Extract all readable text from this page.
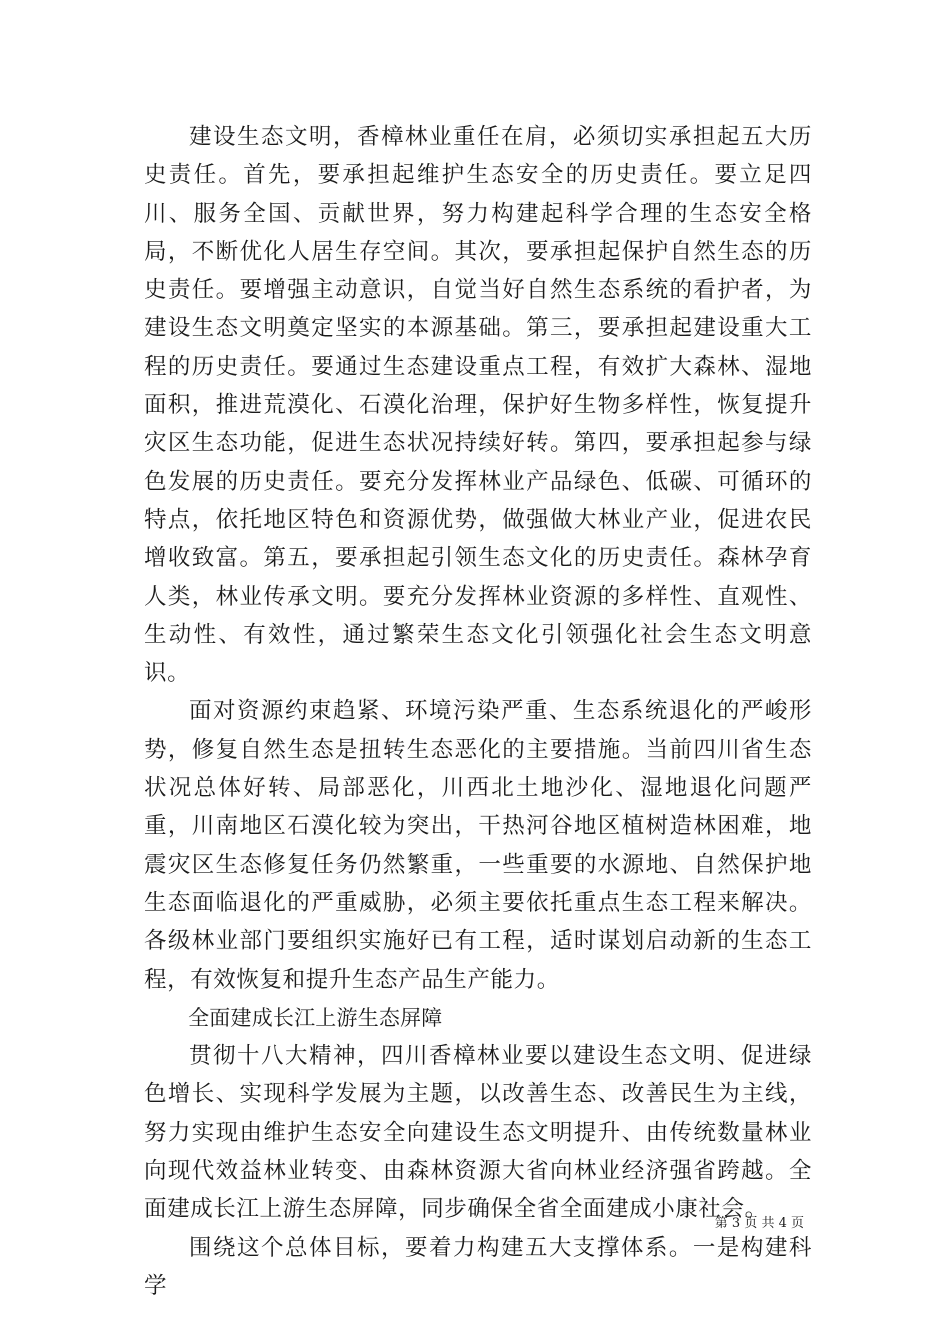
建设生态文明，香樟林业重任在肩，必须切实承担起五大历史责任。首先，要承担起维护生态安全的历史责任。要立足四川、服务全国、贡献世界，努力构建起科学合理的生态安全格局，不断优化人居生存空间。其次，要承担起保护自然生态的历史责任。要增强主动意识，自觉当好自然生态系统的看护者，为建设生态文明奠定坚实的本源基础。第三，要承担起建设重大工程的历史责任。要通过生态建设重点工程，有效扩大森林、湿地面积，推进荒漠化、石漠化治理，保护好生物多样性，恢复提升灾区生态功能，促进生态状况持续好转。第四，要承担起参与绿色发展的历史责任。要充分发挥林业产品绿色、低碳、可循环的特点，依托地区特色和资源优势，做强做大林业产业，促进农民增收致富。第五，要承担起引领生态文化的历史责任。森林孕育人类，林业传承文明。要充分发挥林业资源的多样性、直观性、生动性、有效性，通过繁荣生态文化引领强化社会生态文明意识。

面对资源约束趋紧、环境污染严重、生态系统退化的严峻形势，修复自然生态是扭转生态恶化的主要措施。当前四川省生态状况总体好转、局部恶化，川西北土地沙化、湿地退化问题严重，川南地区石漠化较为突出，干热河谷地区植树造林困难，地震灾区生态修复任务仍然繁重，一些重要的水源地、自然保护地生态面临退化的严重威胁，必须主要依托重点生态工程来解决。各级林业部门要组织实施好已有工程，适时谋划启动新的生态工程，有效恢复和提升生态产品生产能力。

全面建成长江上游生态屏障

贯彻十八大精神，四川香樟林业要以建设生态文明、促进绿色增长、实现科学发展为主题，以改善生态、改善民生为主线，努力实现由维护生态安全向建设生态文明提升、由传统数量林业向现代效益林业转变、由森林资源大省向林业经济强省跨越。全面建成长江上游生态屏障，同步确保全省全面建成小康社会。

围绕这个总体目标，要着力构建五大支撑体系。一是构建科学

第 3 页 共 4 页
